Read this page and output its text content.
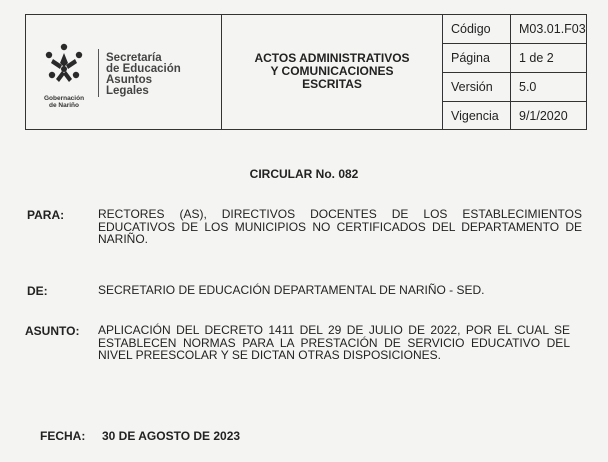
Gobernación
de Nariño
Secretaría
de Educación
Asuntos
Legales
ACTOS ADMINISTRATIVOS
Y COMUNICACIONES
ESCRITAS
Código
Página
Versión
Vigencia
M03.01.F03
1 de 2
5.0
9/1/2020
CIRCULAR No. 082
PARA:	RECTORES (AS), DIRECTIVOS DOCENTES DE LOS ESTABLECIMIENTOS EDUCATIVOS DE LOS MUNICIPIOS NO CERTIFICADOS DEL DEPARTAMENTO DE NARIÑO.
DE:	SECRETARIO DE EDUCACIÓN DEPARTAMENTAL DE NARIÑO - SED.
ASUNTO: APLICACIÓN DEL DECRETO 1411 DEL 29 DE JULIO DE 2022, POR EL CUAL SE ESTABLECEN NORMAS PARA LA PRESTACIÓN DE SERVICIO EDUCATIVO DEL NIVEL PREESCOLAR Y SE DICTAN OTRAS DISPOSICIONES.
FECHA: 30 DE AGOSTO DE 2023
